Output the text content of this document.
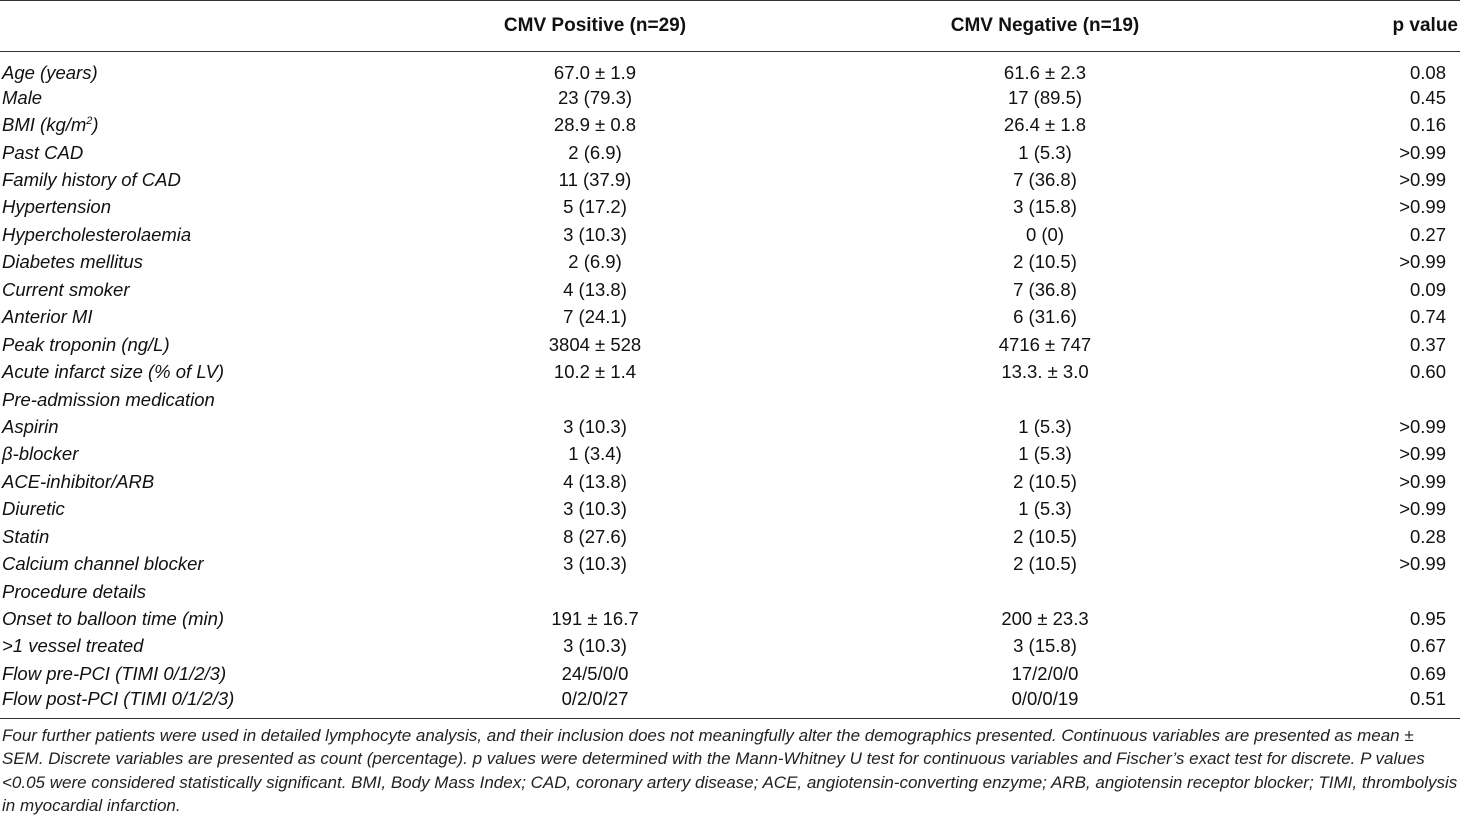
	CMV Positive (n=29)	CMV Negative (n=19)	p value
Age (years)	67.0 ± 1.9	61.6 ± 2.3	0.08
Male	23 (79.3)	17 (89.5)	0.45
BMI $(kg/m^2)$	28.9 ± 0.8	26.4 ± 1.8	0.16
Past CAD	2 (6.9)	1 (5.3)	>0.99
Family history of CAD	11 (37.9)	7 (36.8)	>0.99
Hypertension	5 (17.2)	3 (15.8)	>0.99
Hypercholesterolaemia	3 (10.3)	0 (0)	0.27
Diabetes mellitus	2 (6.9)	2 (10.5)	>0.99
Current smoker	4 (13.8)	7 (36.8)	0.09
Anterior MI	7 (24.1)	6 (31.6)	0.74
Peak troponin (ng/L)	3804 ± 528	4716 ± 747	0.37
Acute infarct size (% of LV)	10.2 ± 1.4	13.3. ± 3.0	0.60
Pre-admission medication			
Aspirin	3 (10.3)	1 (5.3)	>0.99
β-blocker	1 (3.4)	1 (5.3)	>0.99
ACE-inhibitor/ARB	4 (13.8)	2 (10.5)	>0.99
Diuretic	3 (10.3)	1 (5.3)	>0.99
Statin	8 (27.6)	2 (10.5)	0.28
Calcium channel blocker	3 (10.3)	2 (10.5)	>0.99
Procedure details			
Onset to balloon time (min)	191 ± 16.7	200 ± 23.3	0.95
>1 vessel treated	3 (10.3)	3 (15.8)	0.67
Flow pre-PCI (TIMI 0/1/2/3)	24/5/0/0	17/2/0/0	0.69
Flow post-PCI (TIMI 0/1/2/3)	0/2/0/27	0/0/0/19	0.51

Four further patients were used in detailed lymphocyte analysis, and their inclusion does not meaningfully alter the demographics presented. Continuous variables are presented as mean ± SEM. Discrete variables are presented as count (percentage). p values were determined with the Mann-Whitney U test for continuous variables and Fischer’s exact test for discrete. P values <0.05 were considered statistically significant. BMI, Body Mass Index; CAD, coronary artery disease; ACE, angiotensin-converting enzyme; ARB, angiotensin receptor blocker; TIMI, thrombolysis in myocardial infarction.
